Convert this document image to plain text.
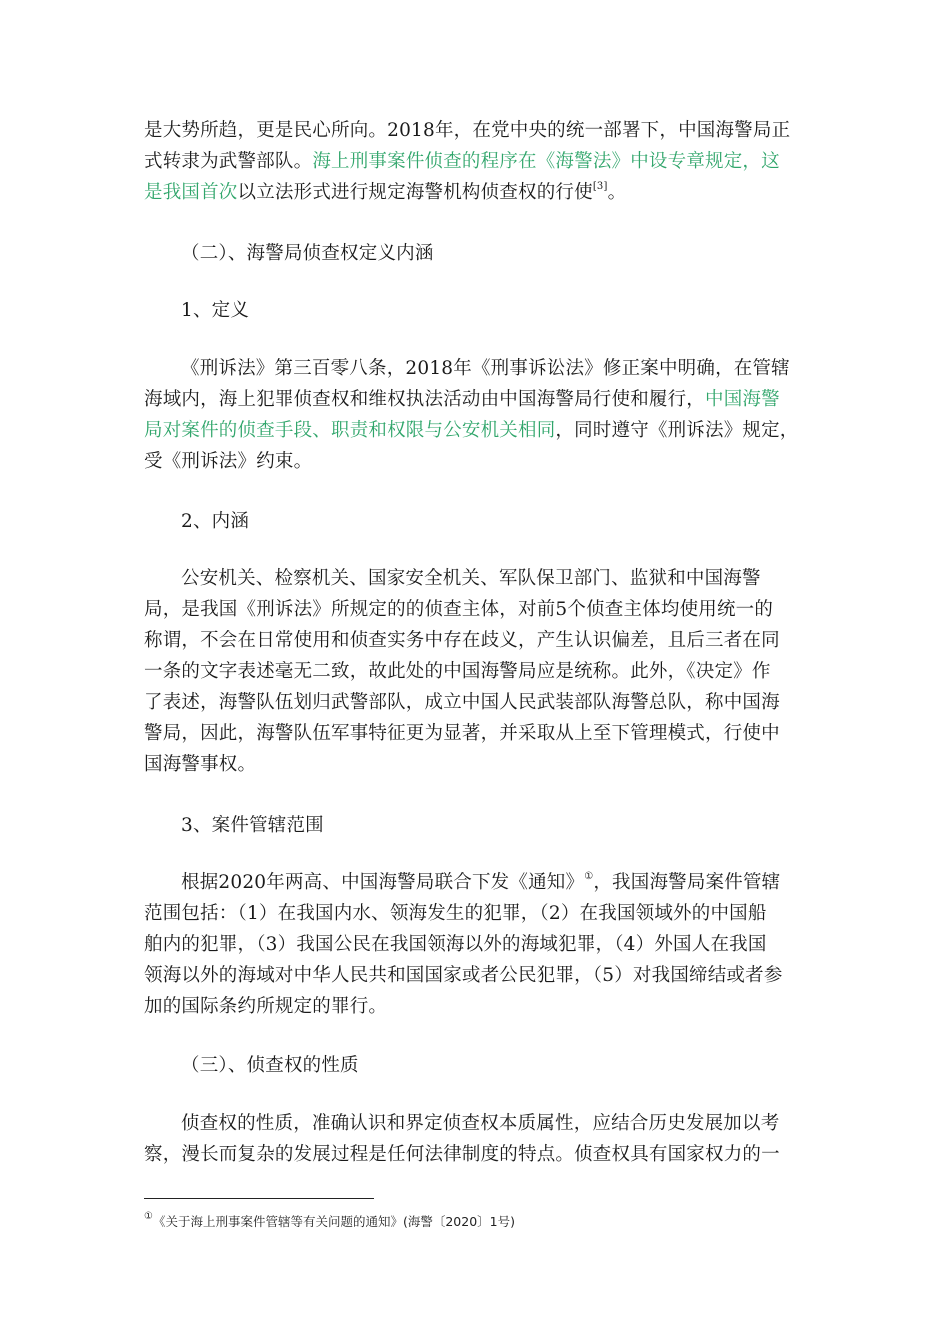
是大势所趋，更是民心所向。2018年，在党中央的统一部署下，中国海警局正
式转隶为武警部队。海上刑事案件侦查的程序在《海警法》中设专章规定，这
是我国首次以立法形式进行规定海警机构侦查权的行使[3]。
（二）、海警局侦查权定义内涵
1、定义
《刑诉法》第三百零八条，2018年《刑事诉讼法》修正案中明确，在管辖
海域内，海上犯罪侦查权和维权执法活动由中国海警局行使和履行，中国海警
局对案件的侦查手段、职责和权限与公安机关相同，同时遵守《刑诉法》规定，
受《刑诉法》约束。
2、内涵
公安机关、检察机关、国家安全机关、军队保卫部门、监狱和中国海警
局，是我国《刑诉法》所规定的的侦查主体，对前5个侦查主体均使用统一的
称谓，不会在日常使用和侦查实务中存在歧义，产生认识偏差，且后三者在同
一条的文字表述毫无二致，故此处的中国海警局应是统称。此外，《决定》作
了表述，海警队伍划归武警部队，成立中国人民武装部队海警总队，称中国海
警局，因此，海警队伍军事特征更为显著，并采取从上至下管理模式，行使中
国海警事权。
3、案件管辖范围
根据2020年两高、中国海警局联合下发《通知》①，我国海警局案件管辖
范围包括：（1）在我国内水、领海发生的犯罪，（2）在我国领域外的中国船
舶内的犯罪，（3）我国公民在我国领海以外的海域犯罪，（4）外国人在我国
领海以外的海域对中华人民共和国国家或者公民犯罪，（5）对我国缔结或者参
加的国际条约所规定的罪行。
（三）、侦查权的性质
侦查权的性质，准确认识和界定侦查权本质属性，应结合历史发展加以考
察，漫长而复杂的发展过程是任何法律制度的特点。侦查权具有国家权力的一
①《关于海上刑事案件管辖等有关问题的通知》(海警〔2020〕1号)
